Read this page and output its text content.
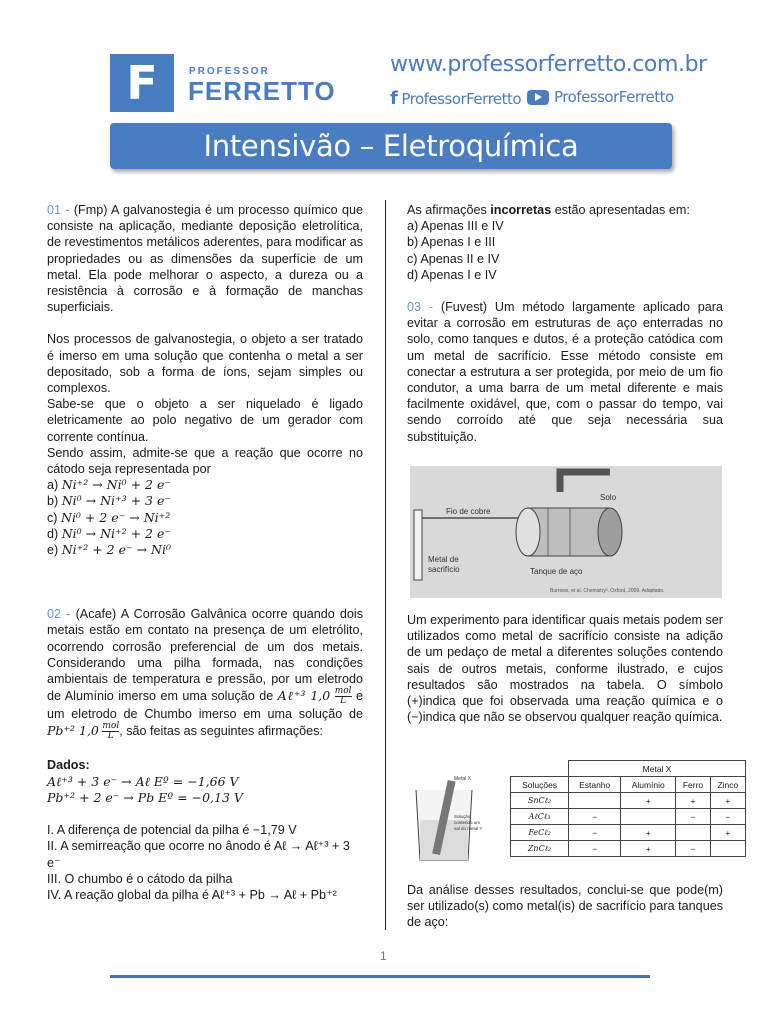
F	PROFESSOR
FERRETTO
www.professorferretto.com.br
f ProfessorFerretto ProfessorFerretto
Intensivão – Eletroquímica

01 - (Fmp) A galvanostegia é um processo químico que consiste na aplicação, mediante deposição eletrolítica, de revestimentos metálicos aderentes, para modificar as propriedades ou as dimensões da superfície de um metal. Ela pode melhorar o aspecto, a dureza ou a resistência à corrosão e à formação de manchas superficiais.

Nos processos de galvanostegia, o objeto a ser tratado é imerso em uma solução que contenha o metal a ser depositado, sob a forma de íons, sejam simples ou complexos.

Sabe-se que o objeto a ser niquelado é ligado eletricamente ao polo negativo de um gerador com corrente contínua.

Sendo assim, admite-se que a reação que ocorre no cátodo seja representada por

a) Ni⁺² → Ni⁰ + 2 e⁻

b) Ni⁰ → Ni⁺³ + 3 e⁻

c) Ni⁰ + 2 e⁻ → Ni⁺²

d) Ni⁰ → Ni⁺² + 2 e⁻

e) Ni⁺² + 2 e⁻ → Ni⁰

02 - (Acafe) A Corrosão Galvânica ocorre quando dois metais estão em contato na presença de um eletrólito, ocorrendo corrosão preferencial de um dos metais. Considerando uma pilha formada, nas condições ambientais de temperatura e pressão, por um eletrodo de Alumínio imerso em uma solução de Aℓ⁺³ $1,0 \frac{\text{mol}}{L}$ e um eletrodo de Chumbo imerso em uma solução de Pb⁺² $1,0 \frac{\text{mol}}{L}$ , são feitas as seguintes afirmações:

Dados:

Aℓ⁺³ + 3 e⁻ → Aℓ Eº = −1,66 V

Pb⁺² + 2 e⁻ → Pb Eº = −0,13 V

I. A diferença de potencial da pilha é −1,79 V

II. A semirreação que ocorre no ânodo é Aℓ → Aℓ⁺³ + 3 e⁻

III. O chumbo é o cátodo da pilha

IV. A reação global da pilha é Aℓ⁺³ + Pb → Aℓ + Pb⁺²

As afirmações incorretas estão apresentadas em:

a) Apenas III e IV

b) Apenas I e III

c) Apenas II e IV

d) Apenas I e IV

03 - (Fuvest) Um método largamente aplicado para evitar a corrosão em estruturas de aço enterradas no solo, como tanques e dutos, é a proteção catódica com um metal de sacrifício. Esse método consiste em conectar a estrutura a ser protegida, por meio de um fio condutor, a uma barra de um metal diferente e mais facilmente oxidável, que, com o passar do tempo, vai sendo corroído até que seja necessária sua substituição.

Solo
Fio de cobre
Metal de
sacrifício	Tanque de aço
Burrows, et al. Chemistry³. Oxford, 2009. Adaptado.

Um experimento para identificar quais metais podem ser utilizados como metal de sacrifício consiste na adição de um pedaço de metal a diferentes soluções contendo sais de outros metais, conforme ilustrado, e cujos resultados são mostrados na tabela. O símbolo (+)indica que foi observada uma reação química e o (−)indica que não se observou qualquer reação química.

Metal X
Solução
contendo um
sal do metal Y
	Metal X			
Soluções	Estanho	Alumínio	Ferro	Zinco
SnCℓ₂		+	+	+
AℓCℓ₃	−		−	−
FeCℓ₂	−	+		+
ZnCℓ₂	−	+	−	

Da análise desses resultados, conclui-se que pode(m) ser utilizado(s) como metal(is) de sacrifício para tanques de aço:

1
